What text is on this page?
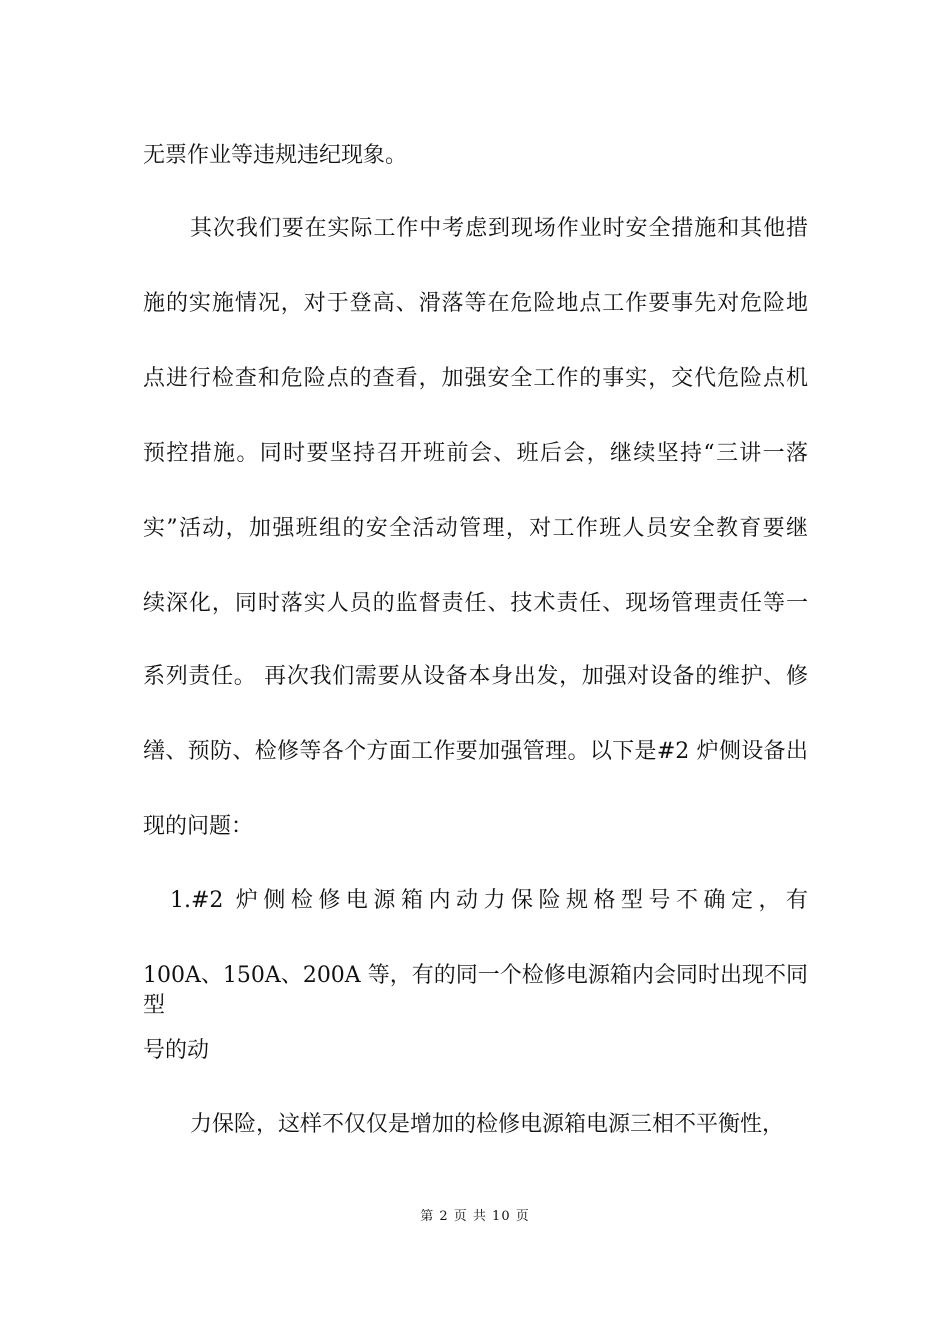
无票作业等违规违纪现象。
其次我们要在实际工作中考虑到现场作业时安全措施和其他措
施的实施情况，对于登高、滑落等在危险地点工作要事先对危险地
点进行检查和危险点的查看，加强安全工作的事实，交代危险点机
预控措施。同时要坚持召开班前会、班后会，继续坚持“三讲一落
实”活动，加强班组的安全活动管理，对工作班人员安全教育要继
续深化，同时落实人员的监督责任、技术责任、现场管理责任等一
系列责任。 再次我们需要从设备本身出发，加强对设备的维护、修
缮、预防、检修等各个方面工作要加强管理。以下是#2 炉侧设备出
现的问题：
1.#2 炉侧检修电源箱内动力保险规格型号不确定，有
100A、150A、200A 等，有的同一个检修电源箱内会同时出现不同型
号的动
力保险，这样不仅仅是增加的检修电源箱电源三相不平衡性，
第 2 页 共 10 页
